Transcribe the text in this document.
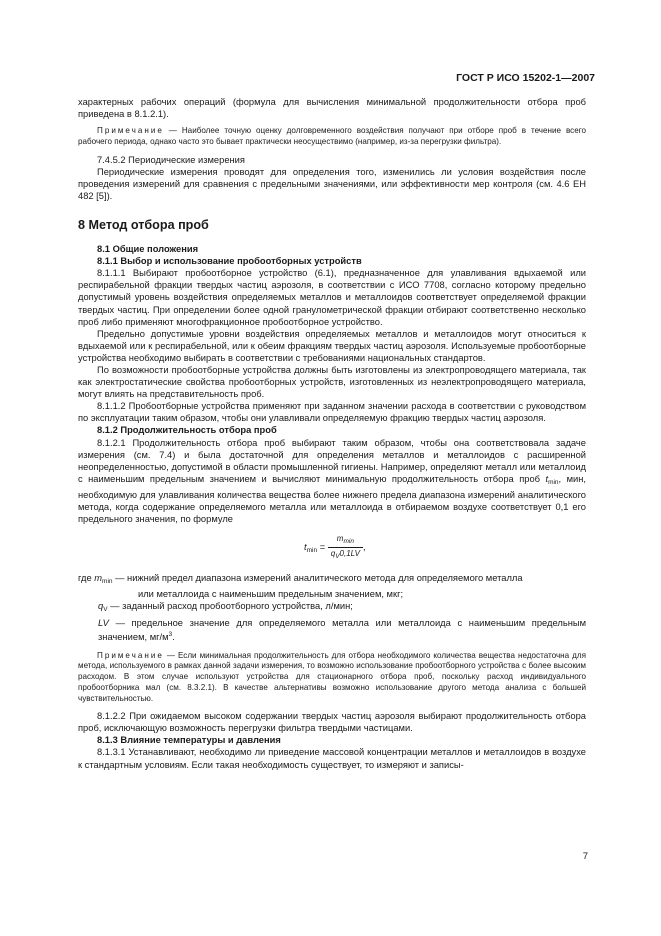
ГОСТ Р ИСО 15202-1—2007

характерных рабочих операций (формула для вычисления минимальной продолжительности отбора проб приведена в 8.1.2.1).

Примечание — Наиболее точную оценку долговременного воздействия получают при отборе проб в течение всего рабочего периода, однако часто это бывает практически неосуществимо (например, из-за перегрузки фильтра).

7.4.5.2 Периодические измерения

Периодические измерения проводят для определения того, изменились ли условия воздействия после проведения измерений для сравнения с предельными значениями, или эффективности мер контроля (см. 4.6 ЕН 482 [5]).

8 Метод отбора проб

8.1 Общие положения

8.1.1 Выбор и использование пробоотборных устройств

8.1.1.1 Выбирают пробоотборное устройство (6.1), предназначенное для улавливания вдыхаемой или респирабельной фракции твердых частиц аэрозоля, в соответствии с ИСО 7708, согласно которому предельно допустимый уровень воздействия определяемых металлов и металлоидов соответствует определяемой фракции твердых частиц. При определении более одной гранулометрической фракции отбирают соответственно несколько проб либо применяют многофракционное пробоотборное устройство.

Предельно допустимые уровни воздействия определяемых металлов и металлоидов могут относиться к вдыхаемой или к респирабельной, или к обеим фракциям твердых частиц аэрозоля. Используемые пробоотборные устройства необходимо выбирать в соответствии с требованиями национальных стандартов.

По возможности пробоотборные устройства должны быть изготовлены из электропроводящего материала, так как электростатические свойства пробоотборных устройств, изготовленных из неэлектропроводящего материала, могут влиять на представительность проб.

8.1.1.2 Пробоотборные устройства применяют при заданном значении расхода в соответствии с руководством по эксплуатации таким образом, чтобы они улавливали определяемую фракцию твердых частиц аэрозоля.

8.1.2 Продолжительность отбора проб

8.1.2.1 Продолжительность отбора проб выбирают таким образом, чтобы она соответствовала задаче измерения (см. 7.4) и была достаточной для определения металлов и металлоидов с расширенной неопределенностью, допустимой в области промышленной гигиены. Например, определяют металл или металлоид с наименьшим предельным значением и вычисляют минимальную продолжительность отбора проб $t_{min}$, мин, необходимую для улавливания количества вещества более нижнего предела диапазона измерений аналитического метода, когда содержание определяемого металла или металлоида в отбираемом воздухе соответствует 0,1 его предельного значения, по формуле

$t_{min} = \frac{m_{min}}{q_V0,1LV}$ ,

где $m_{min}$ — нижний предел диапазона измерений аналитического метода для определяемого металла

или металлоида с наименьшим предельным значением, мкг;

$q_V$ — заданный расход пробоотборного устройства, л/мин;

LV — предельное значение для определяемого металла или металлоида с наименьшим предельным значением, $мг/м^3$.

Примечание — Если минимальная продолжительность для отбора необходимого количества вещества недостаточна для метода, используемого в рамках данной задачи измерения, то возможно использование пробоотборного устройства с более высоким расходом. В этом случае используют устройства для стационарного отбора проб, поскольку расход индивидуального пробоотборника мал (см. 8.3.2.1). В качестве альтернативы возможно использование другого метода анализа с большей чувствительностью.

8.1.2.2 При ожидаемом высоком содержании твердых частиц аэрозоля выбирают продолжительность отбора проб, исключающую возможность перегрузки фильтра твердыми частицами.

8.1.3 Влияние температуры и давления

8.1.3.1 Устанавливают, необходимо ли приведение массовой концентрации металлов и металлоидов в воздухе к стандартным условиям. Если такая необходимость существует, то измеряют и записы-

7
